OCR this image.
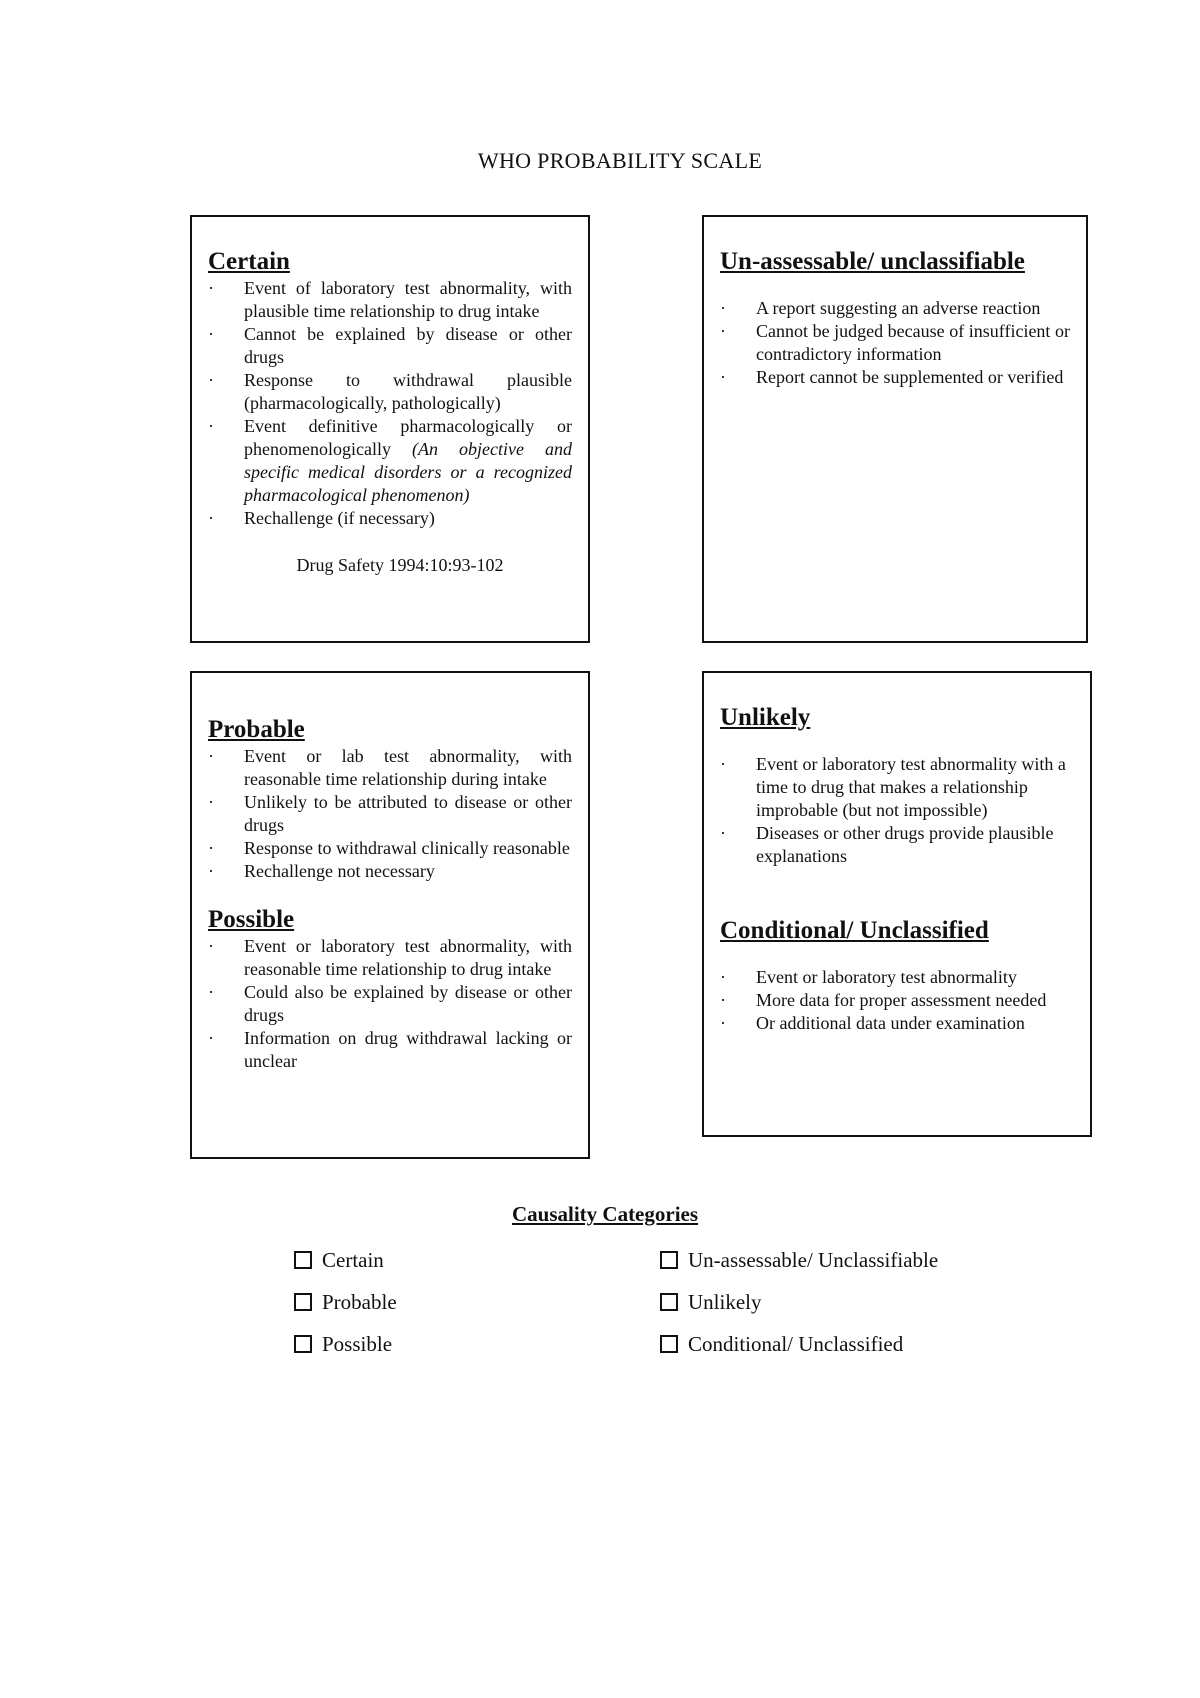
WHO PROBABILITY SCALE

Certain

· Event of laboratory test abnormality, with plausible time relationship to drug intake
· Cannot be explained by disease or other drugs
· Response to withdrawal plausible (pharmacologically, pathologically)
· Event definitive pharmacologically or phenomenologically (An objective and specific medical disorders or a recognized pharmacological phenomenon)
· Rechallenge (if necessary)
Drug Safety 1994:10:93-102

Un-assessable/ unclassifiable

· A report suggesting an adverse reaction
· Cannot be judged because of insufficient or contradictory information
· Report cannot be supplemented or verified

Probable

· Event or lab test abnormality, with reasonable time relationship during intake
· Unlikely to be attributed to disease or other drugs
· Response to withdrawal clinically reasonable
· Rechallenge not necessary

Possible

· Event or laboratory test abnormality, with reasonable time relationship to drug intake
· Could also be explained by disease or other drugs
· Information on drug withdrawal lacking or unclear

Unlikely

· Event or laboratory test abnormality with a time to drug that makes a relationship improbable (but not impossible)
· Diseases or other drugs provide plausible explanations

Conditional/ Unclassified

· Event or laboratory test abnormality
· More data for proper assessment needed
· Or additional data under examination
Causality Categories
Certain
Probable
Possible
Un-assessable/ Unclassifiable
Unlikely
Conditional/ Unclassified
